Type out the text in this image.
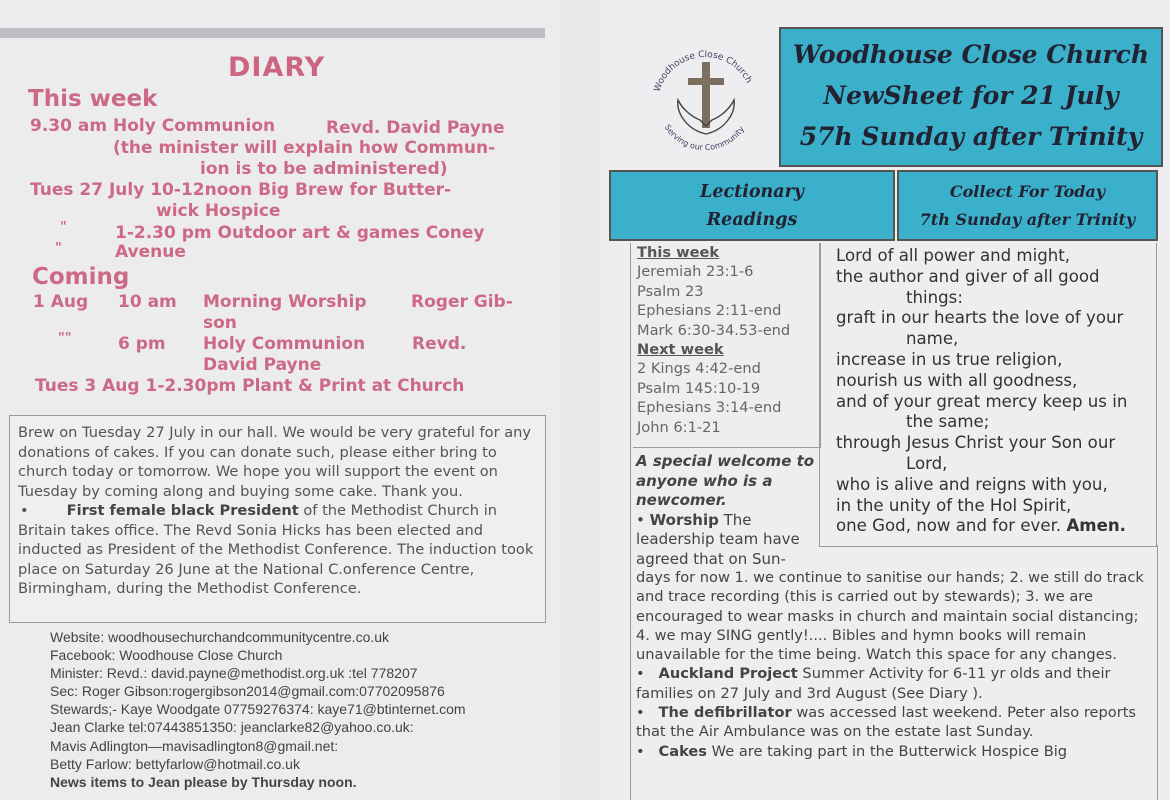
DIARY
This week
9.30 am Holy Communion	Revd. David Payne
(the minister will explain how Commun-
ion is to be administered)
Tues 27 July 10-12noon Big Brew for Butter-
wick Hospice
"	1-2.30 pm Outdoor art & games Coney
"	Avenue
Coming
1 Aug 10 am Morning Worship	Roger Gib-
son
""	6 pm Holy Communion	Revd.
David Payne
Tues 3 Aug 1-2.30pm Plant & Print at Church

Brew on Tuesday 27 July in our hall. We would be very grateful for any donations of cakes. If you can donate such, please either bring to church today or tomorrow. We hope you will support the event on Tuesday by coming along and buying some cake. Thank you.

•	First female black President of the Methodist Church in Britain takes office. The Revd Sonia Hicks has been elected and inducted as President of the Methodist Conference. The induction took place on Saturday 26 June at the National C.onference Centre, Birmingham, during the Methodist Conference.

Website: woodhousechurchandcommunitycentre.co.uk
Facebook: Woodhouse Close Church
Minister: Revd.: david.payne@methodist.org.uk :tel 778207
Sec: Roger Gibson:rogergibson2014@gmail.com:07702095876
Stewards;- Kaye Woodgate 07759276374: kaye71@btinternet.com
Jean Clarke tel:07443851350: jeanclarke82@yahoo.co.uk:
Mavis Adlington—mavisadlington8@gmail.net:
Betty Farlow: bettyfarlow@hotmail.co.uk
News items to Jean please by Thursday noon.
Woodhouse Close Church
Serving our Community
Woodhouse Close Church
NewSheet for 21 July
57h Sunday after Trinity
Lectionary
Readings
Collect For Today
7th Sunday after Trinity
This week
Jeremiah 23:1-6
Psalm 23
Ephesians 2:11-end
Mark 6:30-34.53-end
Next week
2 Kings 4:42-end
Psalm 145:10-19
Ephesians 3:14-end
John 6:1-21
Lord of all power and might,
the author and giver of all good
things:
graft in our hearts the love of your
name,
increase in us true religion,
nourish us with all goodness,
and of your great mercy keep us in
the same;
through Jesus Christ your Son our
Lord,
who is alive and reigns with you,
in the unity of the Hol Spirit,
one God, now and for ever. Amen.
A special welcome to anyone who is a newcomer.
• Worship The leadership team have agreed that on Sun-
days for now 1. we continue to sanitise our hands; 2. we still do track and trace recording (this is carried out by stewards); 3. we are encouraged to wear masks in church and maintain social distancing; 4. we may SING gently!.... Bibles and hymn books will remain unavailable for the time being. Watch this space for any changes.
• Auckland Project Summer Activity for 6-11 yr olds and their families on 27 July and 3rd August (See Diary ).
• The defibrillator was accessed last weekend. Peter also reports that the Air Ambulance was on the estate last Sunday.
• Cakes We are taking part in the Butterwick Hospice Big
